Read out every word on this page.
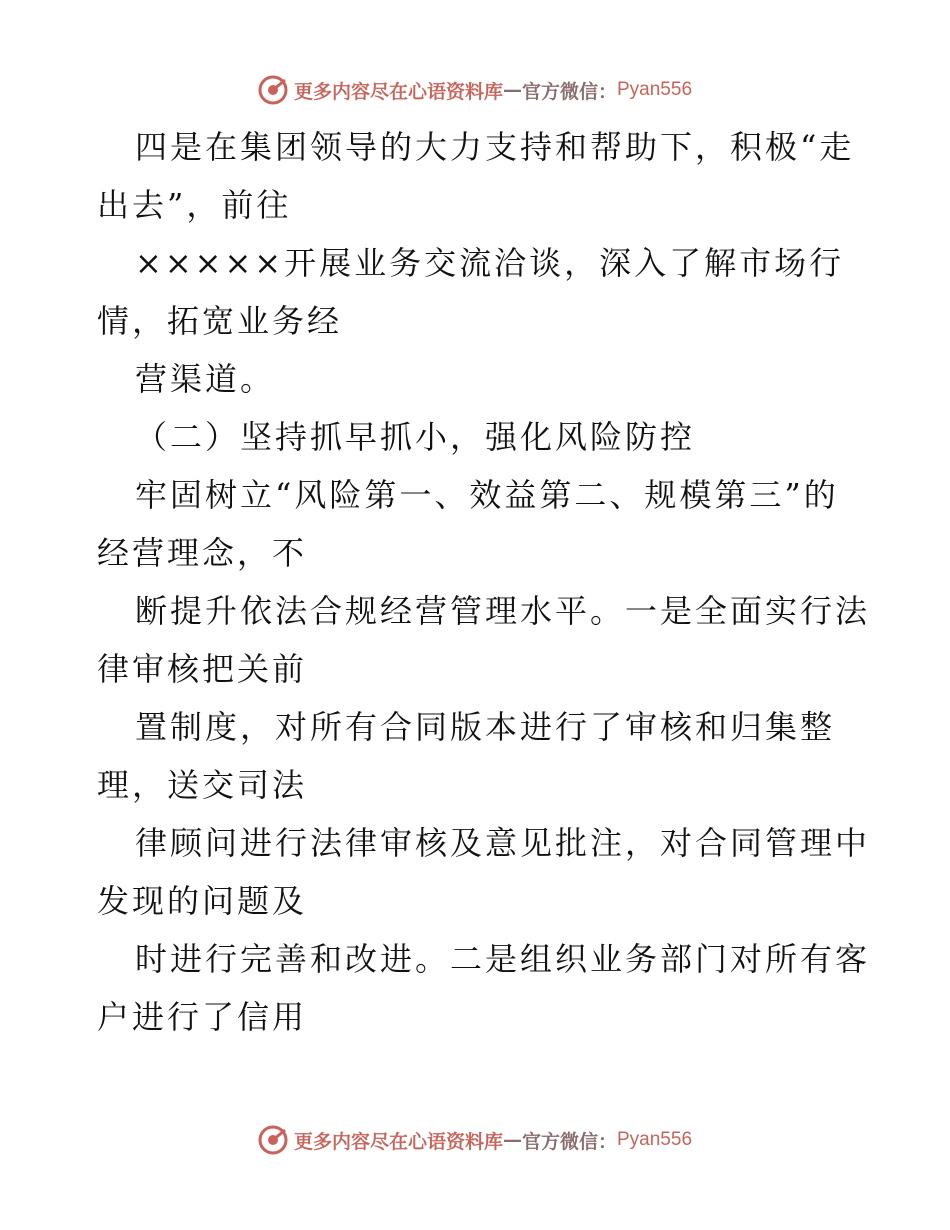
更多内容尽在心语资料库 — 官方微信： Pyan556
四是在集团领导的大力支持和帮助下，积极“走
出去”，前往
×××××开展业务交流洽谈，深入了解市场行
情，拓宽业务经
营渠道。
（二）坚持抓早抓小，强化风险防控
牢固树立“风险第一、效益第二、规模第三”的
经营理念，不
断提升依法合规经营管理水平。一是全面实行法
律审核把关前
置制度，对所有合同版本进行了审核和归集整
理，送交司法
律顾问进行法律审核及意见批注，对合同管理中
发现的问题及
时进行完善和改进。二是组织业务部门对所有客
户进行了信用
更多内容尽在心语资料库 — 官方微信： Pyan556
